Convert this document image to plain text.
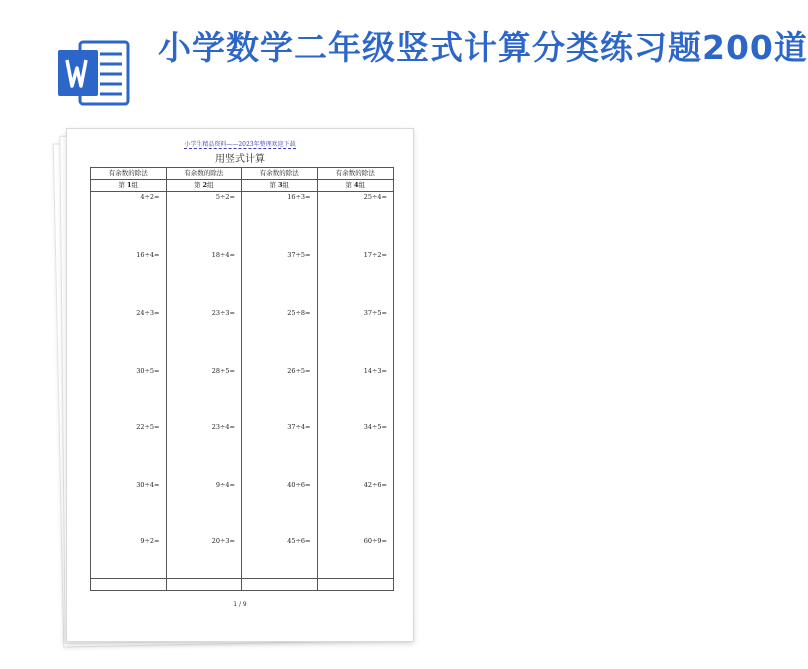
小学数学二年级竖式计算分类练习题200道
小学生精品资料——2023年整理欢迎下载
用竖式计算
有余数的除法
第 1组
4÷2=
16÷4=
24÷3=
30÷5=
22÷5=
30÷4=
9÷2=
有余数的除法
第 2组
5÷2=
18÷4=
23÷3=
28÷5=
23÷4=
9÷4=
20÷3=
有余数的除法
第 3组
16÷3=
37÷5=
25÷8=
26÷5=
37÷4=
40÷6=
45÷6=
有余数的除法
第 4组
25÷4=
17÷2=
37÷5=
14÷3=
34÷5=
42÷6=
60÷9=
1 / 9
